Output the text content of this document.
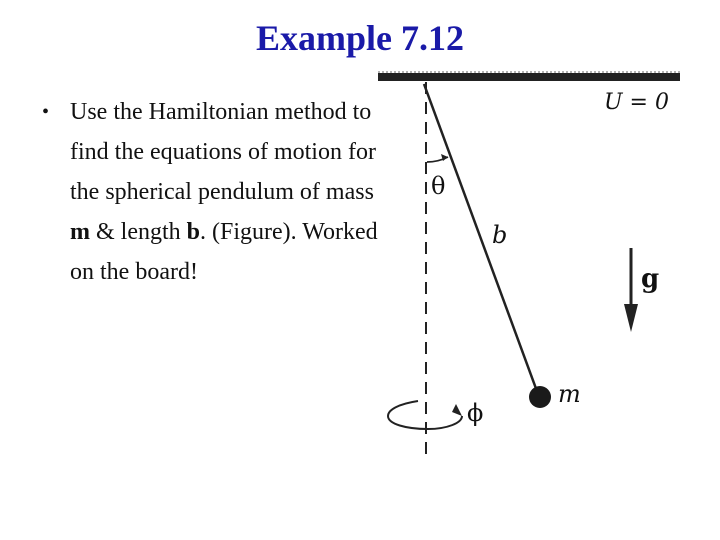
Example 7.12
• Use the Hamiltonian method to find the equations of motion for the spherical pendulum of mass m & length b. (Figure). Worked on the board!
U = 0
θ
b
g
m
ϕ
